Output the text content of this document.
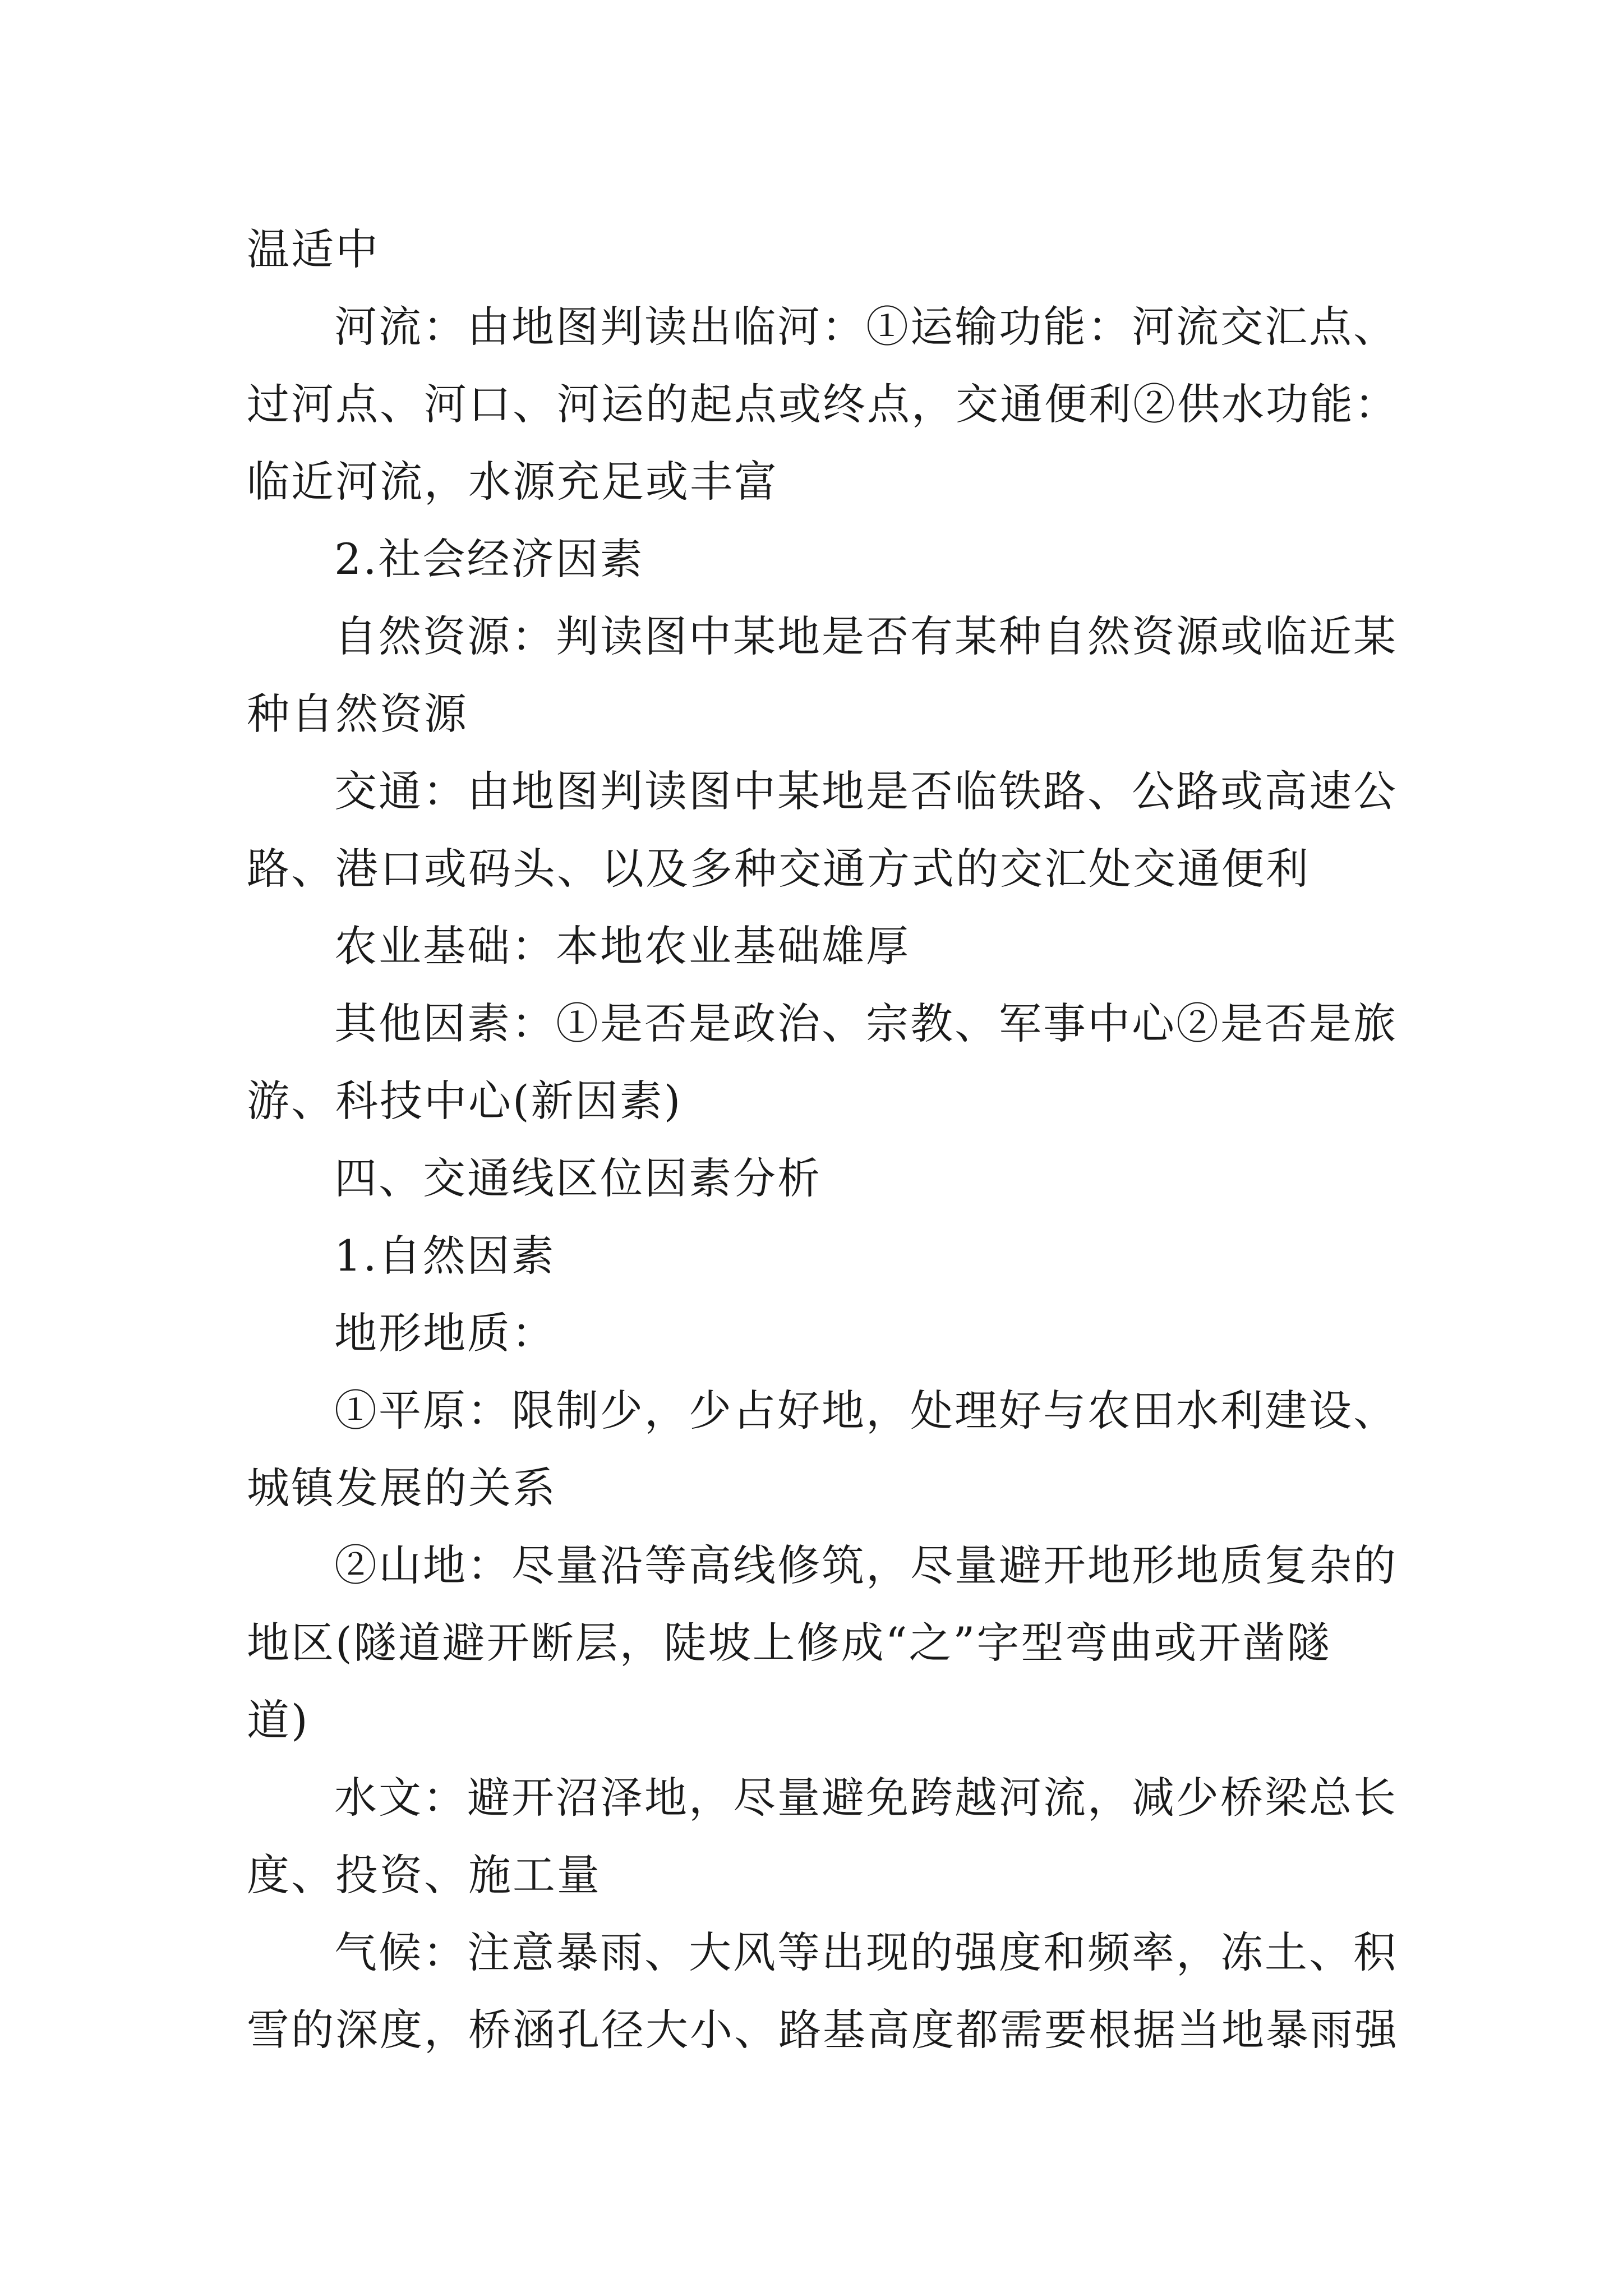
温适中
河流：由地图判读出临河：①运输功能：河流交汇点、
过河点、河口、河运的起点或终点，交通便利②供水功能：
临近河流，水源充足或丰富
2.社会经济因素
自然资源：判读图中某地是否有某种自然资源或临近某
种自然资源
交通：由地图判读图中某地是否临铁路、公路或高速公
路、港口或码头、以及多种交通方式的交汇处交通便利
农业基础：本地农业基础雄厚
其他因素：①是否是政治、宗教、军事中心②是否是旅
游、科技中心(新因素)
四、交通线区位因素分析
1.自然因素
地形地质：
①平原：限制少，少占好地，处理好与农田水利建设、
城镇发展的关系
②山地：尽量沿等高线修筑，尽量避开地形地质复杂的
地区(隧道避开断层，陡坡上修成“之”字型弯曲或开凿隧
道)
水文：避开沼泽地，尽量避免跨越河流，减少桥梁总长
度、投资、施工量
气候：注意暴雨、大风等出现的强度和频率，冻土、积
雪的深度，桥涵孔径大小、路基高度都需要根据当地暴雨强
